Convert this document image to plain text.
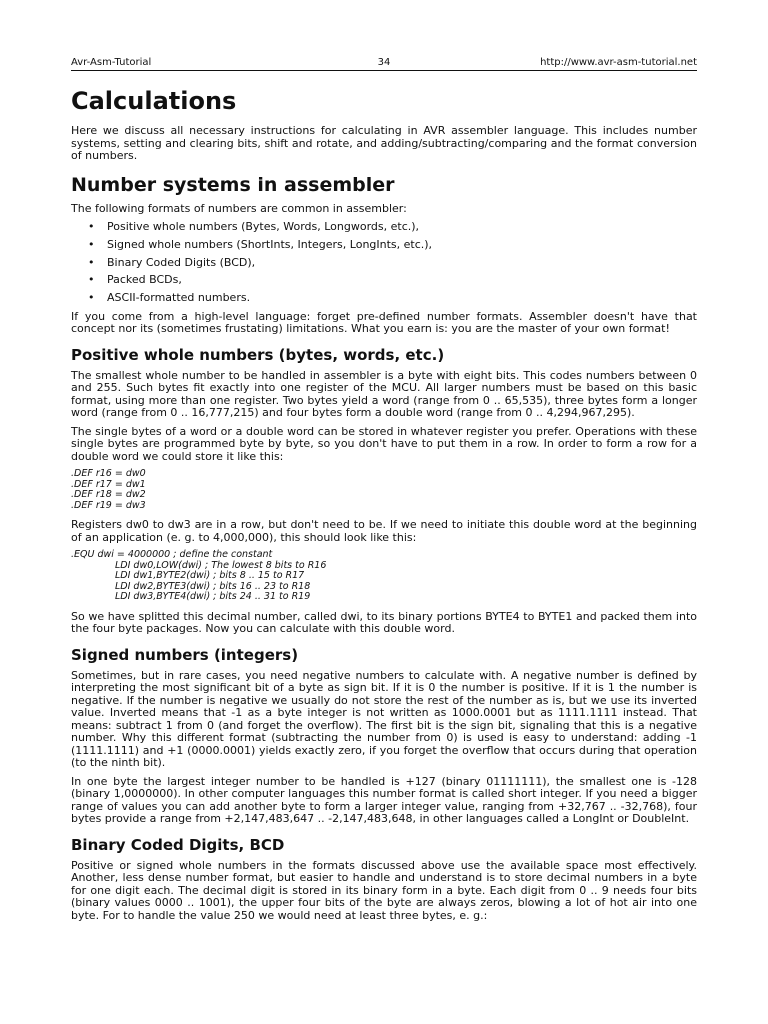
Avr-Asm-Tutorial	34	http://www.avr-asm-tutorial.net
Calculations

Here we discuss all necessary instructions for calculating in AVR assembler language. This includes number systems, setting and clearing bits, shift and rotate, and adding/subtracting/comparing and the format conversion of numbers.

Number systems in assembler

The following formats of numbers are common in assembler:

• Positive whole numbers (Bytes, Words, Longwords, etc.),
• Signed whole numbers (ShortInts, Integers, LongInts, etc.),
• Binary Coded Digits (BCD),
• Packed BCDs,
• ASCII-formatted numbers.

If you come from a high-level language: forget pre-defined number formats. Assembler doesn't have that concept nor its (sometimes frustating) limitations. What you earn is: you are the master of your own format!

Positive whole numbers (bytes, words, etc.)

The smallest whole number to be handled in assembler is a byte with eight bits. This codes numbers between 0 and 255. Such bytes fit exactly into one register of the MCU. All larger numbers must be based on this basic format, using more than one register. Two bytes yield a word (range from 0 .. 65,535), three bytes form a longer word (range from 0 .. 16,777,215) and four bytes form a double word (range from 0 .. 4,294,967,295).

The single bytes of a word or a double word can be stored in whatever register you prefer. Operations with these single bytes are programmed byte by byte, so you don't have to put them in a row. In order to form a row for a double word we could store it like this:

.DEF r16 = dw0
.DEF r17 = dw1
.DEF r18 = dw2
.DEF r19 = dw3

Registers dw0 to dw3 are in a row, but don't need to be. If we need to initiate this double word at the beginning of an application (e. g. to 4,000,000), this should look like this:

.EQU dwi = 4000000 ; define the constant
LDI dw0,LOW(dwi) ; The lowest 8 bits to R16
LDI dw1,BYTE2(dwi) ; bits 8 .. 15 to R17
LDI dw2,BYTE3(dwi) ; bits 16 .. 23 to R18
LDI dw3,BYTE4(dwi) ; bits 24 .. 31 to R19

So we have splitted this decimal number, called dwi, to its binary portions BYTE4 to BYTE1 and packed them into the four byte packages. Now you can calculate with this double word.

Signed numbers (integers)

Sometimes, but in rare cases, you need negative numbers to calculate with. A negative number is defined by interpreting the most significant bit of a byte as sign bit. If it is 0 the number is positive. If it is 1 the number is negative. If the number is negative we usually do not store the rest of the number as is, but we use its inverted value. Inverted means that -1 as a byte integer is not written as 1000.0001 but as 1111.1111 instead. That means: subtract 1 from 0 (and forget the overflow). The first bit is the sign bit, signaling that this is a negative number. Why this different format (subtracting the number from 0) is used is easy to understand: adding -1 (1111.1111) and +1 (0000.0001) yields exactly zero, if you forget the overflow that occurs during that operation (to the ninth bit).

In one byte the largest integer number to be handled is +127 (binary 01111111), the smallest one is -128 (binary 1,0000000). In other computer languages this number format is called short integer. If you need a bigger range of values you can add another byte to form a larger integer value, ranging from +32,767 .. -32,768), four bytes provide a range from +2,147,483,647 .. -2,147,483,648, in other languages called a LongInt or DoubleInt.

Binary Coded Digits, BCD

Positive or signed whole numbers in the formats discussed above use the available space most effectively. Another, less dense number format, but easier to handle and understand is to store decimal numbers in a byte for one digit each. The decimal digit is stored in its binary form in a byte. Each digit from 0 .. 9 needs four bits (binary values 0000 .. 1001), the upper four bits of the byte are always zeros, blowing a lot of hot air into one byte. For to handle the value 250 we would need at least three bytes, e. g.:
